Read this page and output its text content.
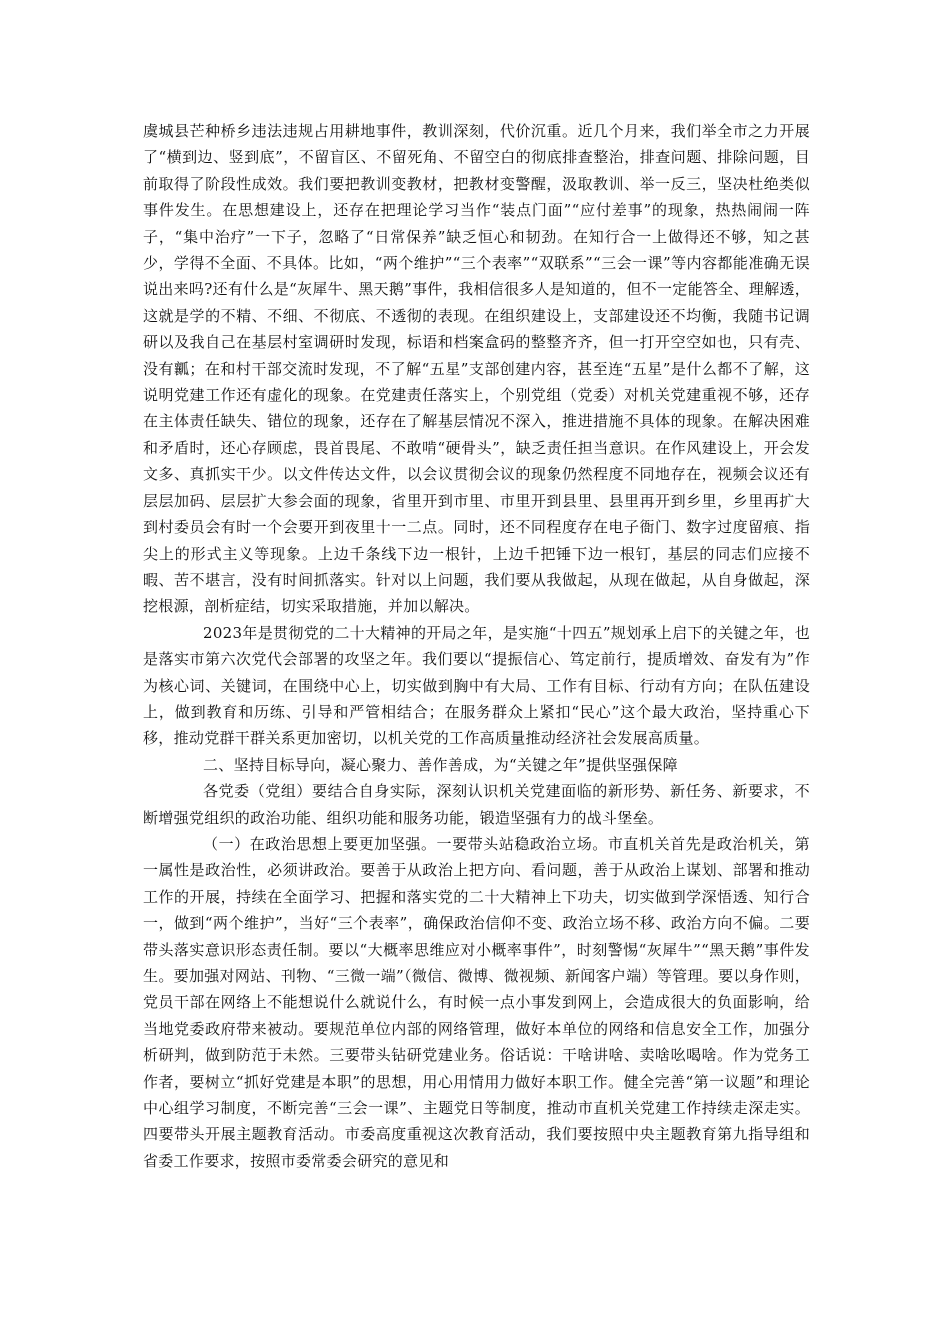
虞城县芒种桥乡违法违规占用耕地事件，教训深刻，代价沉重。近几个月来，我们举全市之力开展了“横到边、竖到底”，不留盲区、不留死角、不留空白的彻底排查整治，排查问题、排除问题，目前取得了阶段性成效。我们要把教训变教材，把教材变警醒，汲取教训、举一反三，坚决杜绝类似事件发生。在思想建设上，还存在把理论学习当作“装点门面”“应付差事”的现象，热热闹闹一阵子，“集中治疗”一下子，忽略了“日常保养”缺乏恒心和韧劲。在知行合一上做得还不够，知之甚少，学得不全面、不具体。比如，“两个维护”“三个表率”“双联系”“三会一课”等内容都能准确无误说出来吗?还有什么是“灰犀牛、黑天鹅”事件，我相信很多人是知道的，但不一定能答全、理解透，这就是学的不精、不细、不彻底、不透彻的表现。在组织建设上，支部建设还不均衡，我随书记调研以及我自己在基层村室调研时发现，标语和档案盒码的整整齐齐，但一打开空空如也，只有壳、没有瓤；在和村干部交流时发现，不了解“五星”支部创建内容，甚至连“五星”是什么都不了解，这说明党建工作还有虚化的现象。在党建责任落实上，个别党组（党委）对机关党建重视不够，还存在主体责任缺失、错位的现象，还存在了解基层情况不深入，推进措施不具体的现象。在解决困难和矛盾时，还心存顾虑，畏首畏尾、不敢啃“硬骨头”，缺乏责任担当意识。在作风建设上，开会发文多、真抓实干少。以文件传达文件，以会议贯彻会议的现象仍然程度不同地存在，视频会议还有层层加码、层层扩大参会面的现象，省里开到市里、市里开到县里、县里再开到乡里，乡里再扩大到村委员会有时一个会要开到夜里十一二点。同时，还不同程度存在电子衙门、数字过度留痕、指尖上的形式主义等现象。上边千条线下边一根针，上边千把锤下边一根钉，基层的同志们应接不暇、苦不堪言，没有时间抓落实。针对以上问题，我们要从我做起，从现在做起，从自身做起，深挖根源，剖析症结，切实采取措施，并加以解决。

2023年是贯彻党的二十大精神的开局之年，是实施“十四五”规划承上启下的关键之年，也是落实市第六次党代会部署的攻坚之年。我们要以“提振信心、笃定前行，提质增效、奋发有为”作为核心词、关键词，在围绕中心上，切实做到胸中有大局、工作有目标、行动有方向；在队伍建设上，做到教育和历练、引导和严管相结合；在服务群众上紧扣“民心”这个最大政治，坚持重心下移，推动党群干群关系更加密切，以机关党的工作高质量推动经济社会发展高质量。

二、坚持目标导向，凝心聚力、善作善成，为“关键之年”提供坚强保障

各党委（党组）要结合自身实际，深刻认识机关党建面临的新形势、新任务、新要求，不断增强党组织的政治功能、组织功能和服务功能，锻造坚强有力的战斗堡垒。

（一）在政治思想上要更加坚强。一要带头站稳政治立场。市直机关首先是政治机关，第一属性是政治性，必须讲政治。要善于从政治上把方向、看问题，善于从政治上谋划、部署和推动工作的开展，持续在全面学习、把握和落实党的二十大精神上下功夫，切实做到学深悟透、知行合一，做到“两个维护”，当好“三个表率”，确保政治信仰不变、政治立场不移、政治方向不偏。二要带头落实意识形态责任制。要以“大概率思维应对小概率事件”，时刻警惕“灰犀牛”“黑天鹅”事件发生。要加强对网站、刊物、“三微一端”（微信、微博、微视频、新闻客户端）等管理。要以身作则，党员干部在网络上不能想说什么就说什么，有时候一点小事发到网上，会造成很大的负面影响，给当地党委政府带来被动。要规范单位内部的网络管理，做好本单位的网络和信息安全工作，加强分析研判，做到防范于未然。三要带头钻研党建业务。俗话说：干啥讲啥、卖啥吆喝啥。作为党务工作者，要树立“抓好党建是本职”的思想，用心用情用力做好本职工作。健全完善“第一议题”和理论中心组学习制度，不断完善“三会一课”、主题党日等制度，推动市直机关党建工作持续走深走实。四要带头开展主题教育活动。市委高度重视这次教育活动，我们要按照中央主题教育第九指导组和省委工作要求，按照市委常委会研究的意见和
